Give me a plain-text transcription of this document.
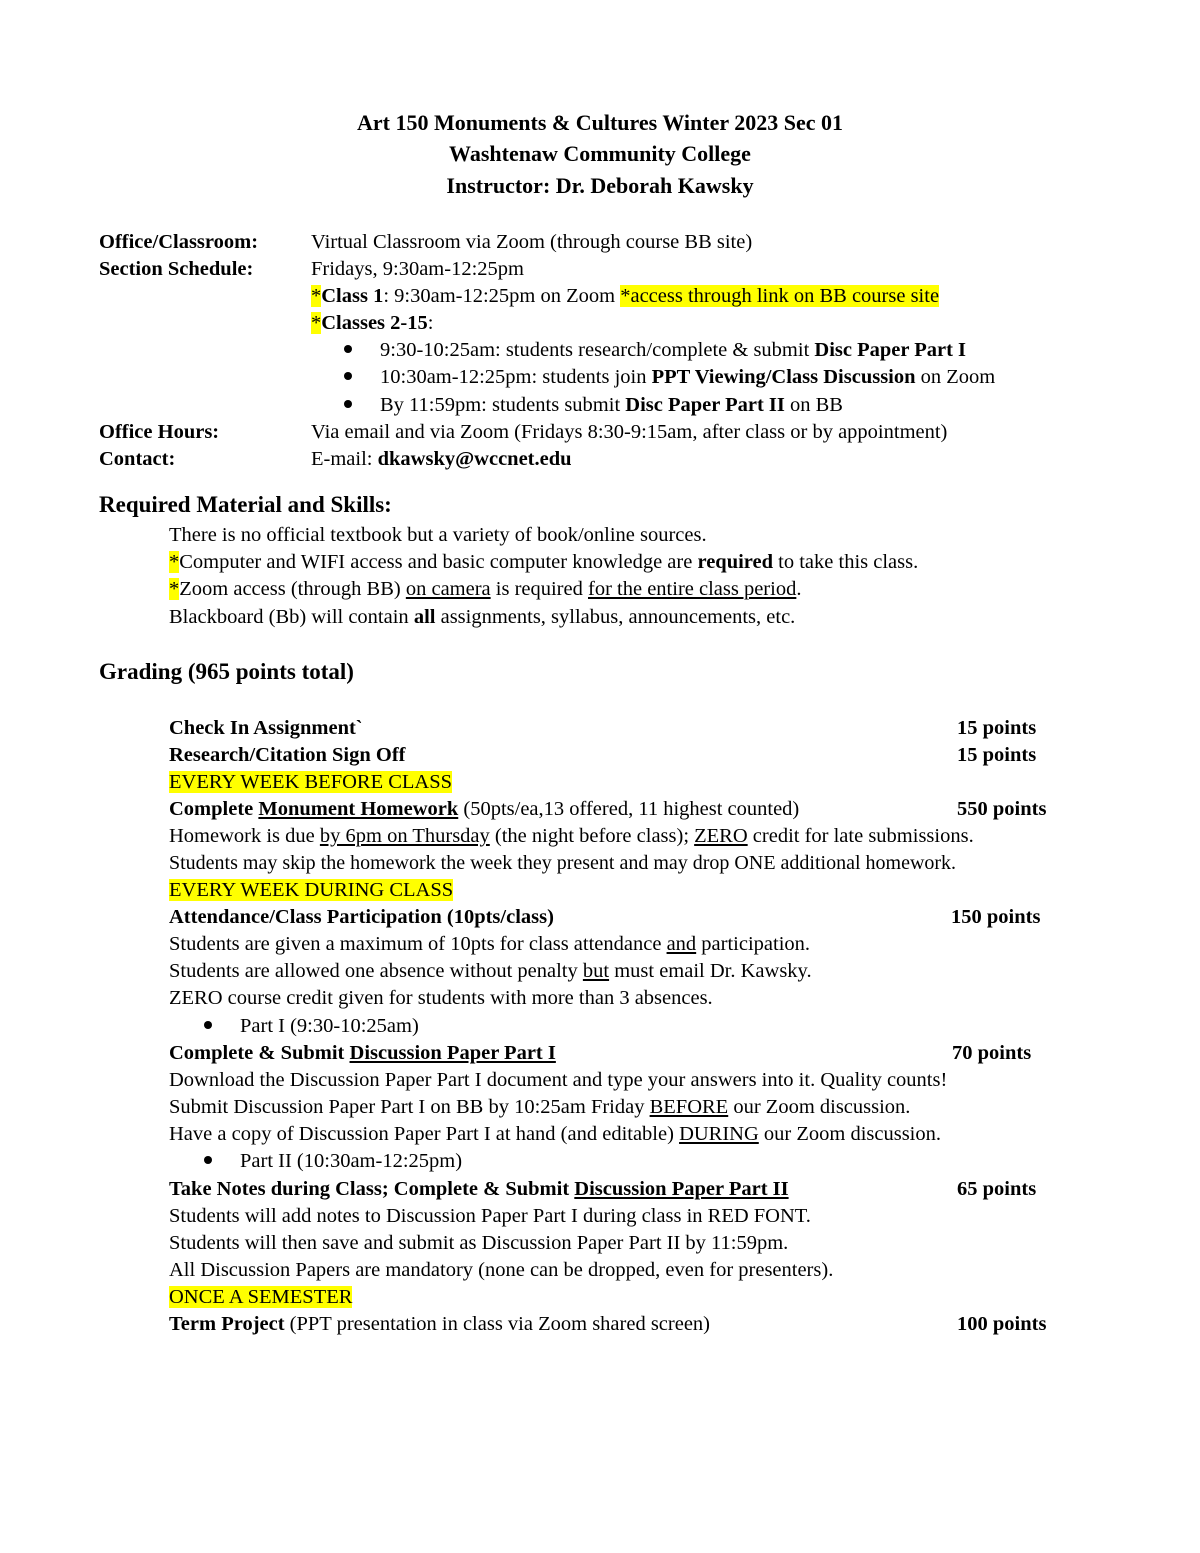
Art 150 Monuments & Cultures Winter 2023 Sec 01
Washtenaw Community College
Instructor: Dr. Deborah Kawsky
Office/Classroom:	Virtual Classroom via Zoom (through course BB site)
Section Schedule:	Fridays, 9:30am-12:25pm
*Class 1: 9:30am-12:25pm on Zoom *access through link on BB course site
*Classes 2-15:
9:30-10:25am: students research/complete & submit Disc Paper Part I
10:30am-12:25pm: students join PPT Viewing/Class Discussion on Zoom
By 11:59pm: students submit Disc Paper Part II on BB
Office Hours:	Via email and via Zoom (Fridays 8:30-9:15am, after class or by appointment)
Contact:	E-mail: dkawsky@wccnet.edu
Required Material and Skills:
There is no official textbook but a variety of book/online sources.
*Computer and WIFI access and basic computer knowledge are required to take this class.
*Zoom access (through BB) on camera is required for the entire class period.
Blackboard (Bb) will contain all assignments, syllabus, announcements, etc.
Grading (965 points total)
Check In Assignment`	15 points
Research/Citation Sign Off	15 points
EVERY WEEK BEFORE CLASS
Complete Monument Homework (50pts/ea,13 offered, 11 highest counted)	550 points
Homework is due by 6pm on Thursday (the night before class); ZERO credit for late submissions.
Students may skip the homework the week they present and may drop ONE additional homework.
EVERY WEEK DURING CLASS
Attendance/Class Participation (10pts/class)	150 points
Students are given a maximum of 10pts for class attendance and participation.
Students are allowed one absence without penalty but must email Dr. Kawsky.
ZERO course credit given for students with more than 3 absences.
Part I (9:30-10:25am)
Complete & Submit Discussion Paper Part I	70 points
Download the Discussion Paper Part I document and type your answers into it. Quality counts!
Submit Discussion Paper Part I on BB by 10:25am Friday BEFORE our Zoom discussion.
Have a copy of Discussion Paper Part I at hand (and editable) DURING our Zoom discussion.
Part II (10:30am-12:25pm)
Take Notes during Class; Complete & Submit Discussion Paper Part II	65 points
Students will add notes to Discussion Paper Part I during class in RED FONT.
Students will then save and submit as Discussion Paper Part II by 11:59pm.
All Discussion Papers are mandatory (none can be dropped, even for presenters).
ONCE A SEMESTER
Term Project (PPT presentation in class via Zoom shared screen)	100 points
